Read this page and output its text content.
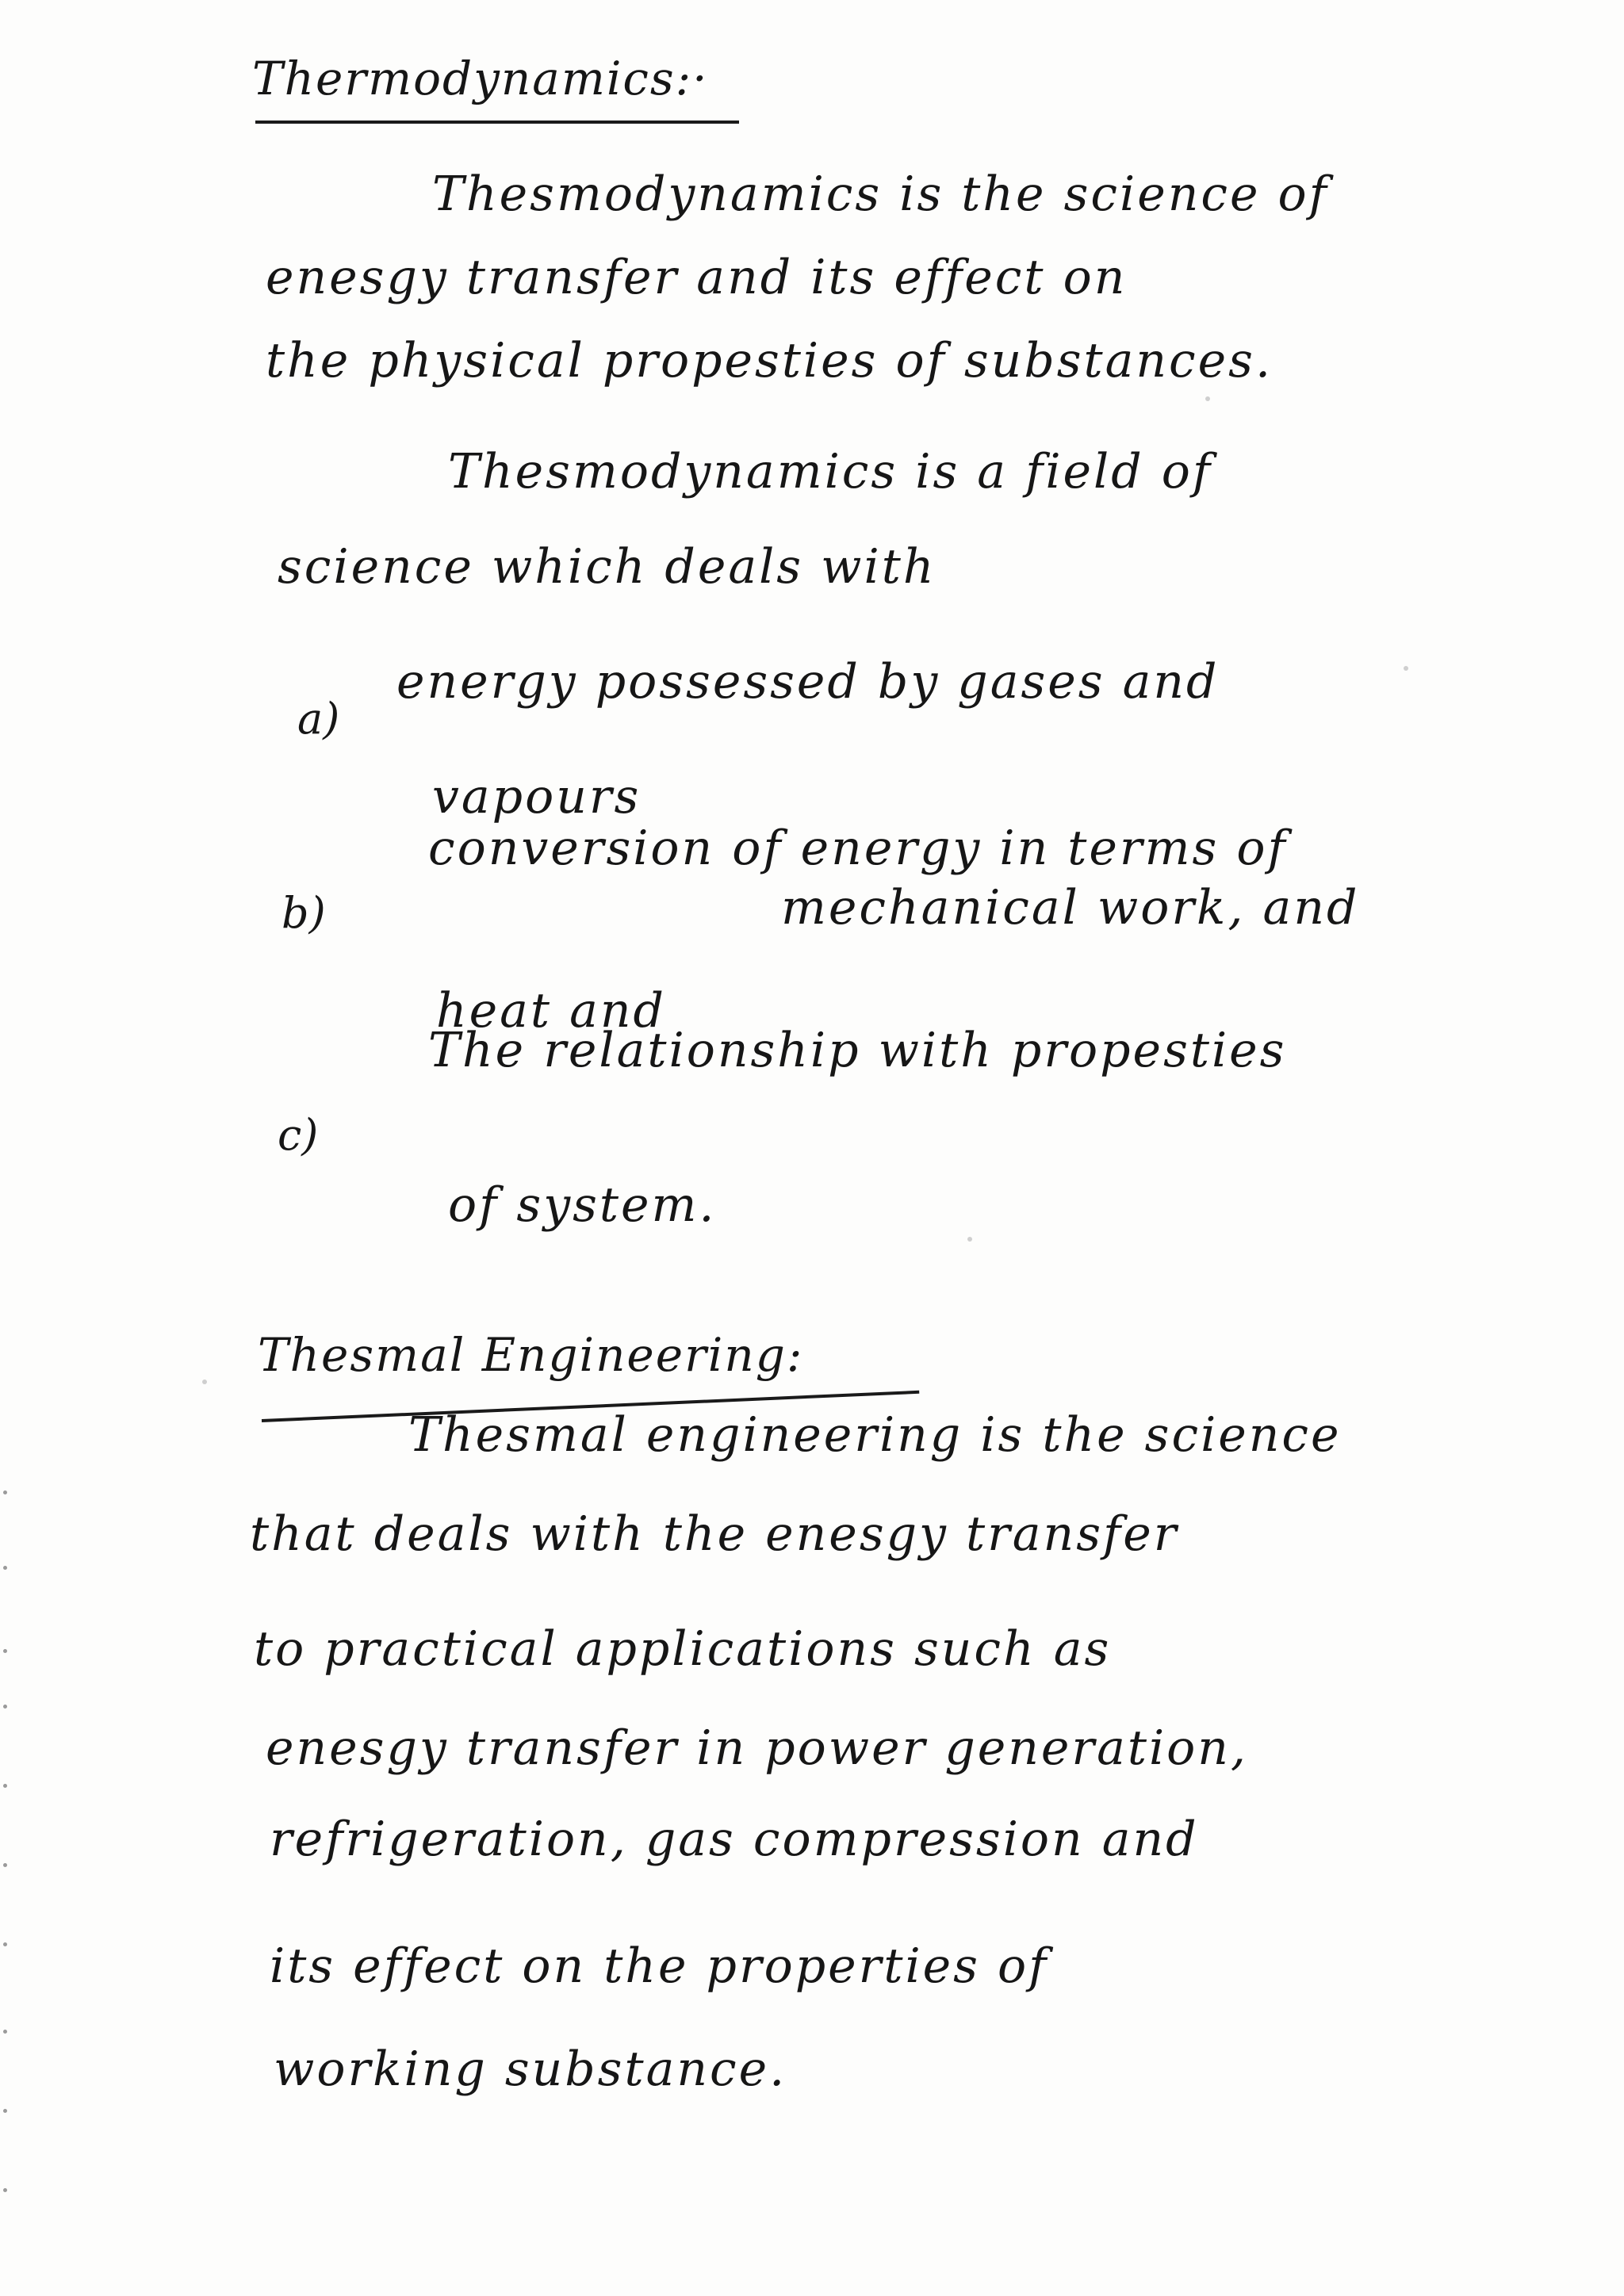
Thermodynamics:·
Thesmodynamics is the science of
enesgy transfer and its effect on
the physical propesties of substances.
Thesmodynamics is a field of
science which deals with
a)
energy possessed by gases and
vapours
b)
conversion of energy in terms of
mechanical work, and
heat and
c)
The relationship with propesties
of system.
Thesmal Engineering:
Thesmal engineering is the science
that deals with the enesgy transfer
to practical applications such as
enesgy transfer in power generation,
refrigeration, gas compression and
its effect on the properties of
working substance.
